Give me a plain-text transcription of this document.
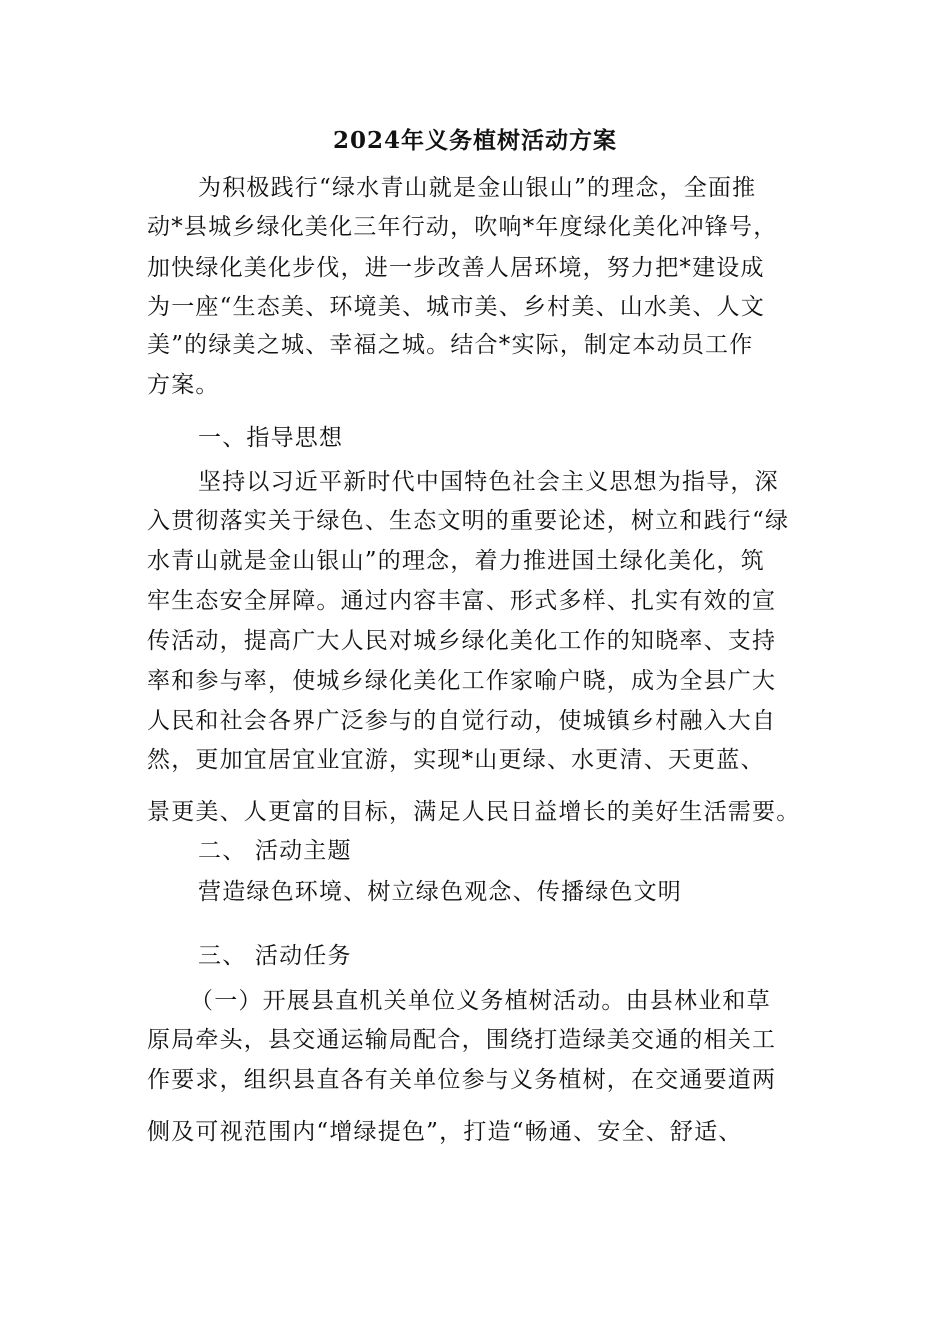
2024年义务植树活动方案
为积极践行“绿水青山就是金山银山”的理念，全面推
动*县城乡绿化美化三年行动，吹响*年度绿化美化冲锋号，
加快绿化美化步伐，进一步改善人居环境，努力把*建设成
为一座“生态美、环境美、城市美、乡村美、山水美、人文
美”的绿美之城、幸福之城。结合*实际，制定本动员工作
方案。
一、指导思想
坚持以习近平新时代中国特色社会主义思想为指导，深
入贯彻落实关于绿色、生态文明的重要论述，树立和践行“绿
水青山就是金山银山”的理念，着力推进国土绿化美化，筑
牢生态安全屏障。通过内容丰富、形式多样、扎实有效的宣
传活动，提高广大人民对城乡绿化美化工作的知晓率、支持
率和参与率，使城乡绿化美化工作家喻户晓，成为全县广大
人民和社会各界广泛参与的自觉行动，使城镇乡村融入大自
然，更加宜居宜业宜游，实现*山更绿、水更清、天更蓝、
景更美、人更富的目标，满足人民日益增长的美好生活需要。
二、 活动主题
营造绿色环境、树立绿色观念、传播绿色文明
三、 活动任务
（一）开展县直机关单位义务植树活动。由县林业和草
原局牵头，县交通运输局配合，围绕打造绿美交通的相关工
作要求，组织县直各有关单位参与义务植树，在交通要道两
侧及可视范围内“增绿提色”，打造“畅通、安全、舒适、
